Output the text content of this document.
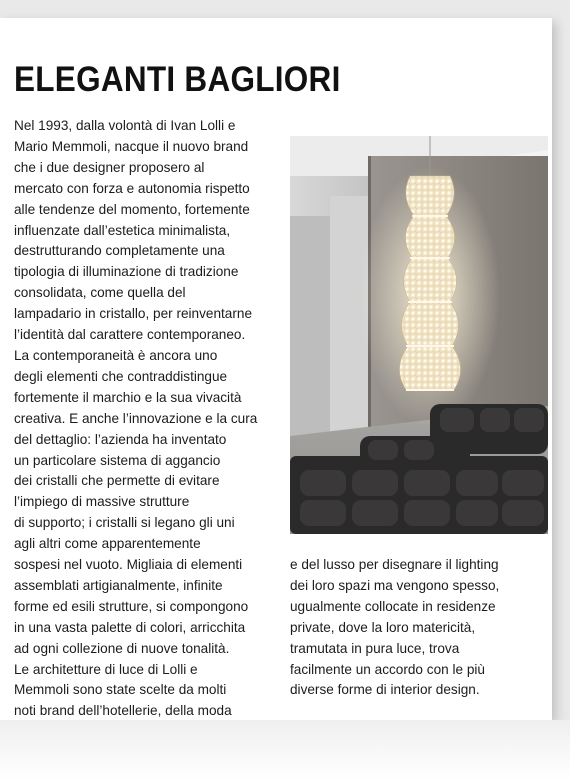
ELEGANTI BAGLIORI
Nel 1993, dalla volontà di Ivan Lolli e
Mario Memmoli, nacque il nuovo brand
che i due designer proposero al
mercato con forza e autonomia rispetto
alle tendenze del momento, fortemente
influenzate dall’estetica minimalista,
destrutturando completamente una
tipologia di illuminazione di tradizione
consolidata, come quella del
lampadario in cristallo, per reinventarne
l’identità dal carattere contemporaneo.
La contemporaneità è ancora uno
degli elementi che contraddistingue
fortemente il marchio e la sua vivacità
creativa. E anche l’innovazione e la cura
del dettaglio: l’azienda ha inventato
un particolare sistema di aggancio
dei cristalli che permette di evitare
l’impiego di massive strutture
di supporto; i cristalli si legano gli uni
agli altri come apparentemente
sospesi nel vuoto. Migliaia di elementi
assemblati artigianalmente, infinite
forme ed esili strutture, si compongono
in una vasta palette di colori, arricchita
ad ogni collezione di nuove tonalità.
Le architetture di luce di Lolli e
Memmoli sono state scelte da molti
noti brand dell’hotellerie, della moda
e del lusso per disegnare il lighting
dei loro spazi ma vengono spesso,
ugualmente collocate in residenze
private, dove la loro matericità,
tramutata in pura luce, trova
facilmente un accordo con le più
diverse forme di interior design.
